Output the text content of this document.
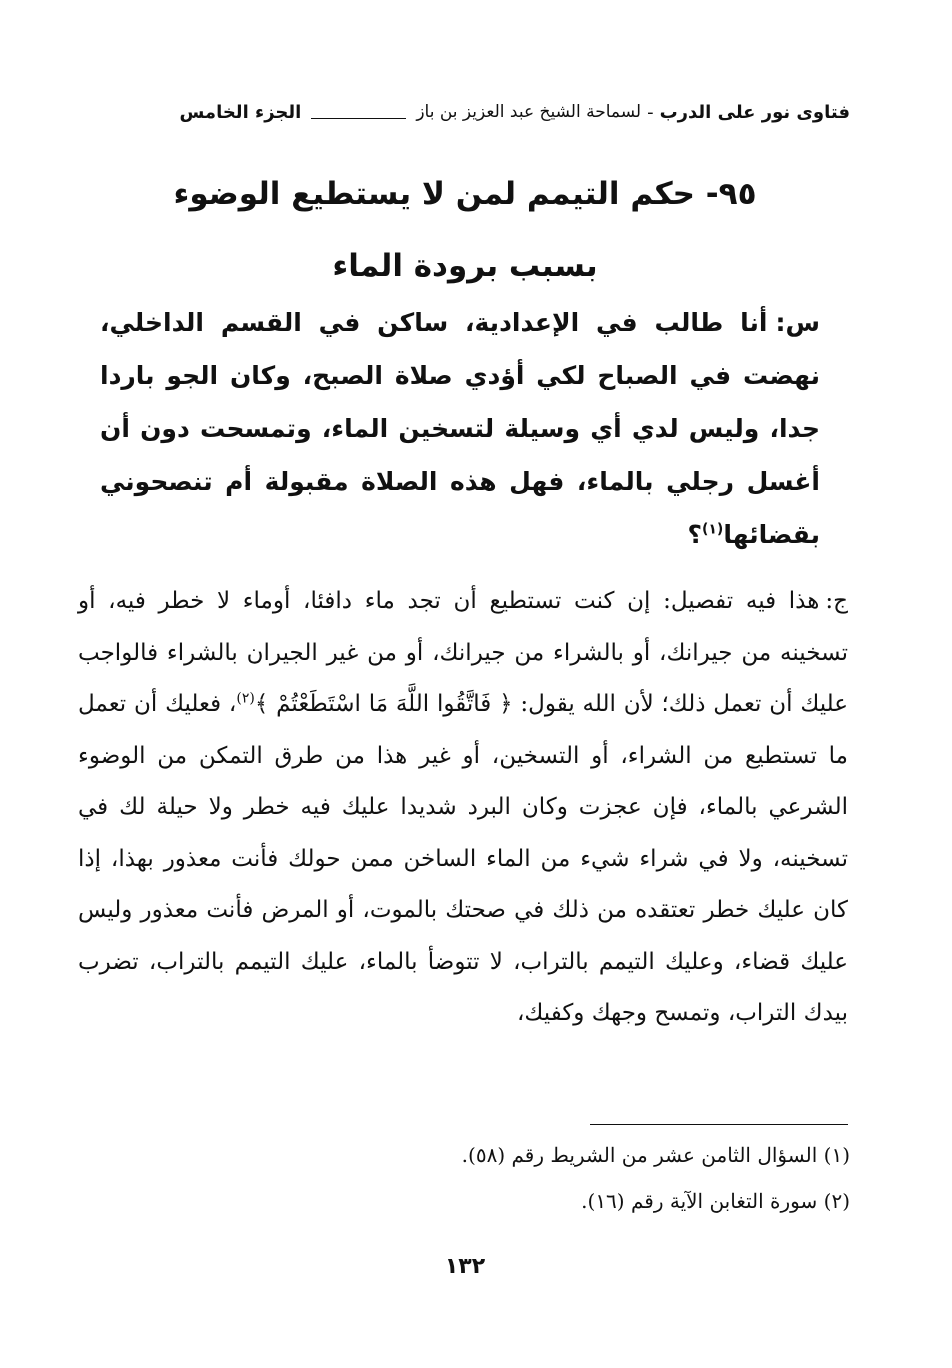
فتاوى نور على الدرب
-
لسماحة الشيخ عبد العزيز بن باز
الجزء الخامس
٩٥- حكم التيمم لمن لا يستطيع الوضوء
بسبب برودة الماء
س:أنا طالب في الإعدادية، ساكن في القسم الداخلي، نهضت في الصباح لكي أؤدي صلاة الصبح، وكان الجو باردا جدا، وليس لدي أي وسيلة لتسخين الماء، وتمسحت دون أن أغسل رجلي بالماء، فهل هذه الصلاة مقبولة أم تنصحوني بقضائها$^{(١)}$؟
ج:هذا فيه تفصيل: إن كنت تستطيع أن تجد ماء دافئا، أوماء لا خطر فيه، أو تسخينه من جيرانك، أو بالشراء من جيرانك، أو من غير الجيران بالشراء فالواجب عليك أن تعمل ذلك؛ لأن الله يقول: ﴿ فَاتَّقُوا اللَّهَ مَا اسْتَطَعْتُمْ ﴾$^{(٢)}$، فعليك أن تعمل ما تستطيع من الشراء، أو التسخين، أو غير هذا من طرق التمكن من الوضوء الشرعي بالماء، فإن عجزت وكان البرد شديدا عليك فيه خطر ولا حيلة لك في تسخينه، ولا في شراء شيء من الماء الساخن ممن حولك فأنت معذور بهذا، إذا كان عليك خطر تعتقده من ذلك في صحتك بالموت، أو المرض فأنت معذور وليس عليك قضاء، وعليك التيمم بالتراب، لا تتوضأ بالماء، عليك التيمم بالتراب، تضرب بيدك التراب، وتمسح وجهك وكفيك،
(١) السؤال الثامن عشر من الشريط رقم (٥٨).
(٢) سورة التغابن الآية رقم (١٦).
١٣٢
